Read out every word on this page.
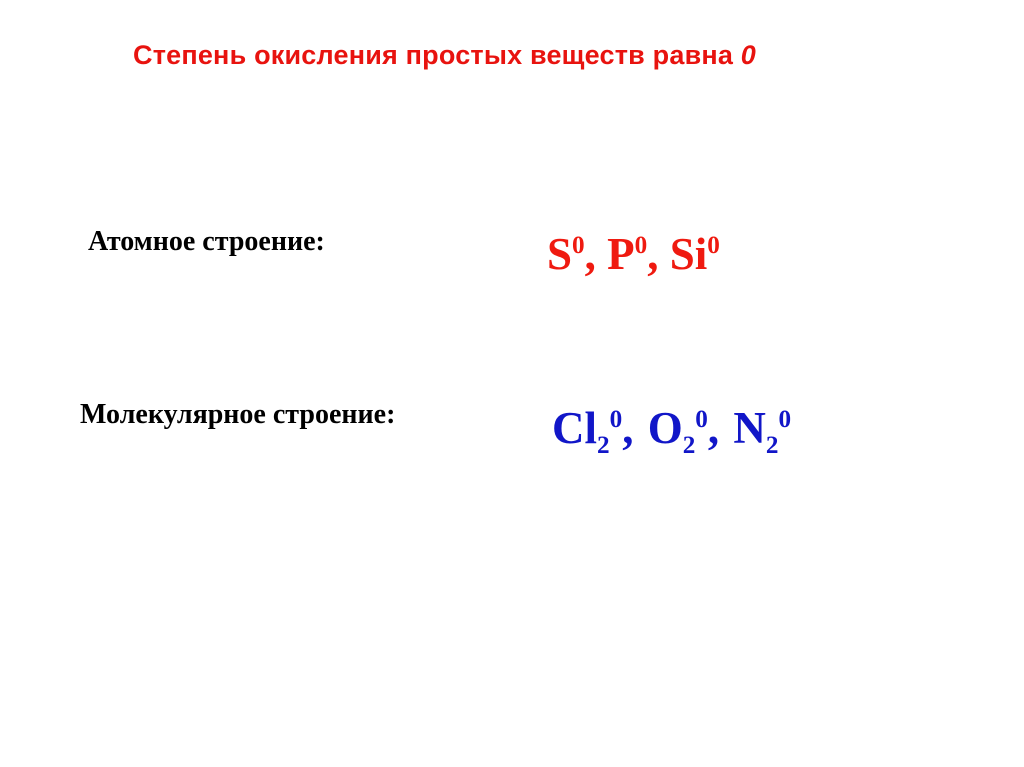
Степень окисления простых веществ равна 0
Атомное строение:	$S^0$, $P^0$, Si$^0$
Молекулярное строение:	$Cl_2^0$, $O_2^0$, $N_2^0$
